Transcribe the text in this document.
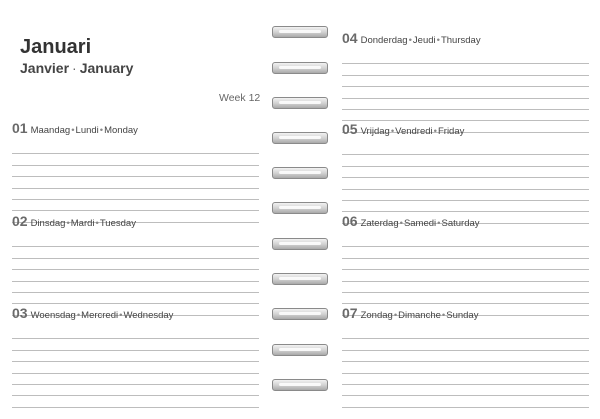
Januari
Janvier · January
Week 12
01 Maandag•Lundi•Monday
02 Dinsdag•Mardi•Tuesday
03 Woensdag•Mercredi•Wednesday
04 Donderdag•Jeudi•Thursday
05 Vrijdag•Vendredi•Friday
06 Zaterdag•Samedi•Saturday
07 Zondag•Dimanche•Sunday
